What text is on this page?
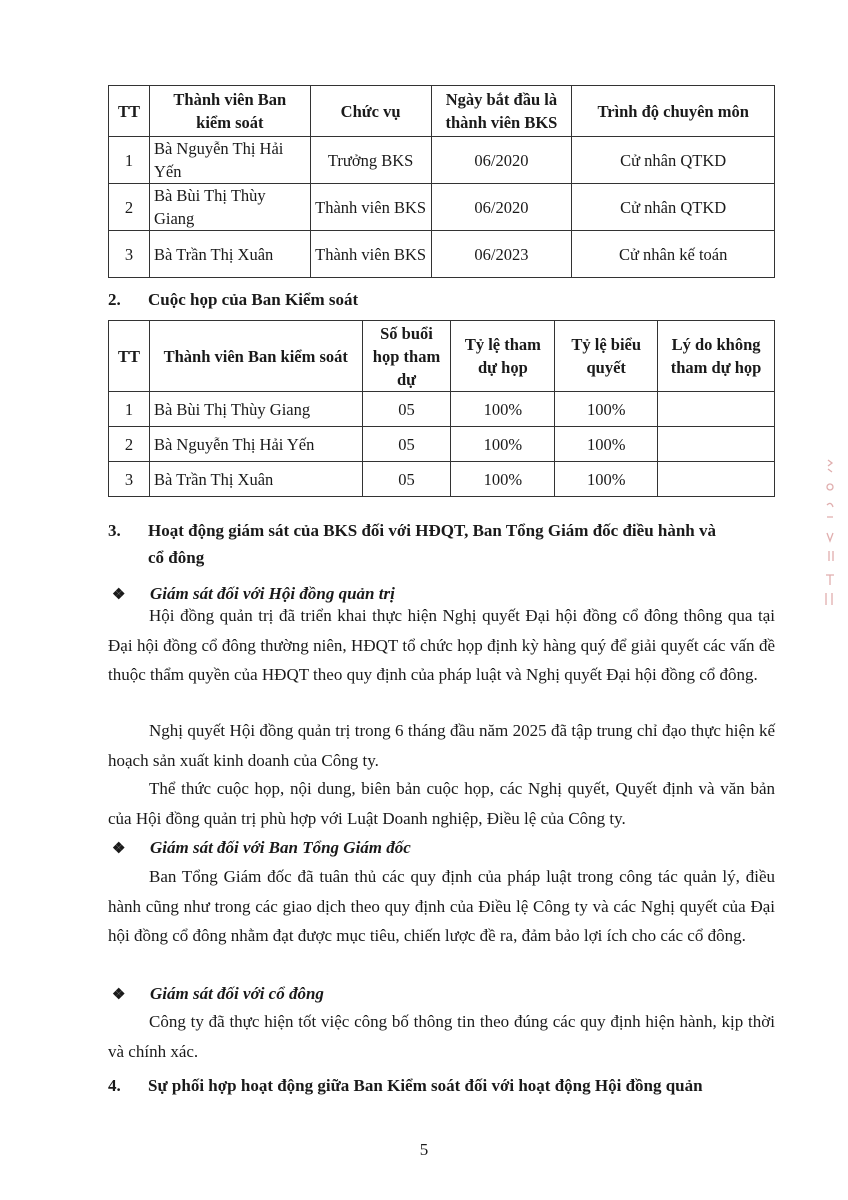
TT	Thành viên Ban kiểm soát	Chức vụ	Ngày bắt đầu là thành viên BKS	Trình độ chuyên môn
1	Bà Nguyễn Thị Hải Yến	Trưởng BKS	06/2020	Cử nhân QTKD
2	Bà Bùi Thị Thùy Giang	Thành viên BKS	06/2020	Cử nhân QTKD
3	Bà Trần Thị Xuân	Thành viên BKS	06/2023	Cử nhân kế toán
2. Cuộc họp của Ban Kiểm soát
TT	Thành viên Ban kiểm soát	Số buổi họp tham dự	Tỷ lệ tham dự họp	Tỷ lệ biểu quyết	Lý do không tham dự họp
1	Bà Bùi Thị Thùy Giang	05	100%	100%	
2	Bà Nguyễn Thị Hải Yến	05	100%	100%	
3	Bà Trần Thị Xuân	05	100%	100%	
3. Hoạt động giám sát của BKS đối với HĐQT, Ban Tổng Giám đốc điều hành và
cổ đông
❖ Giám sát đối với Hội đồng quản trị
Hội đồng quản trị đã triển khai thực hiện Nghị quyết Đại hội đồng cổ đông thông qua tại Đại hội đồng cổ đông thường niên, HĐQT tổ chức họp định kỳ hàng quý để giải quyết các vấn đề thuộc thẩm quyền của HĐQT theo quy định của pháp luật và Nghị quyết Đại hội đồng cổ đông.
Nghị quyết Hội đồng quản trị trong 6 tháng đầu năm 2025 đã tập trung chỉ đạo thực hiện kế hoạch sản xuất kinh doanh của Công ty.
Thể thức cuộc họp, nội dung, biên bản cuộc họp, các Nghị quyết, Quyết định và văn bản của Hội đồng quản trị phù hợp với Luật Doanh nghiệp, Điều lệ của Công ty.
❖ Giám sát đối với Ban Tổng Giám đốc
Ban Tổng Giám đốc đã tuân thủ các quy định của pháp luật trong công tác quản lý, điều hành cũng như trong các giao dịch theo quy định của Điều lệ Công ty và các Nghị quyết của Đại hội đồng cổ đông nhằm đạt được mục tiêu, chiến lược đề ra, đảm bảo lợi ích cho các cổ đông.
❖ Giám sát đối với cổ đông
Công ty đã thực hiện tốt việc công bố thông tin theo đúng các quy định hiện hành, kịp thời và chính xác.
4. Sự phối hợp hoạt động giữa Ban Kiểm soát đối với hoạt động Hội đồng quản
5
